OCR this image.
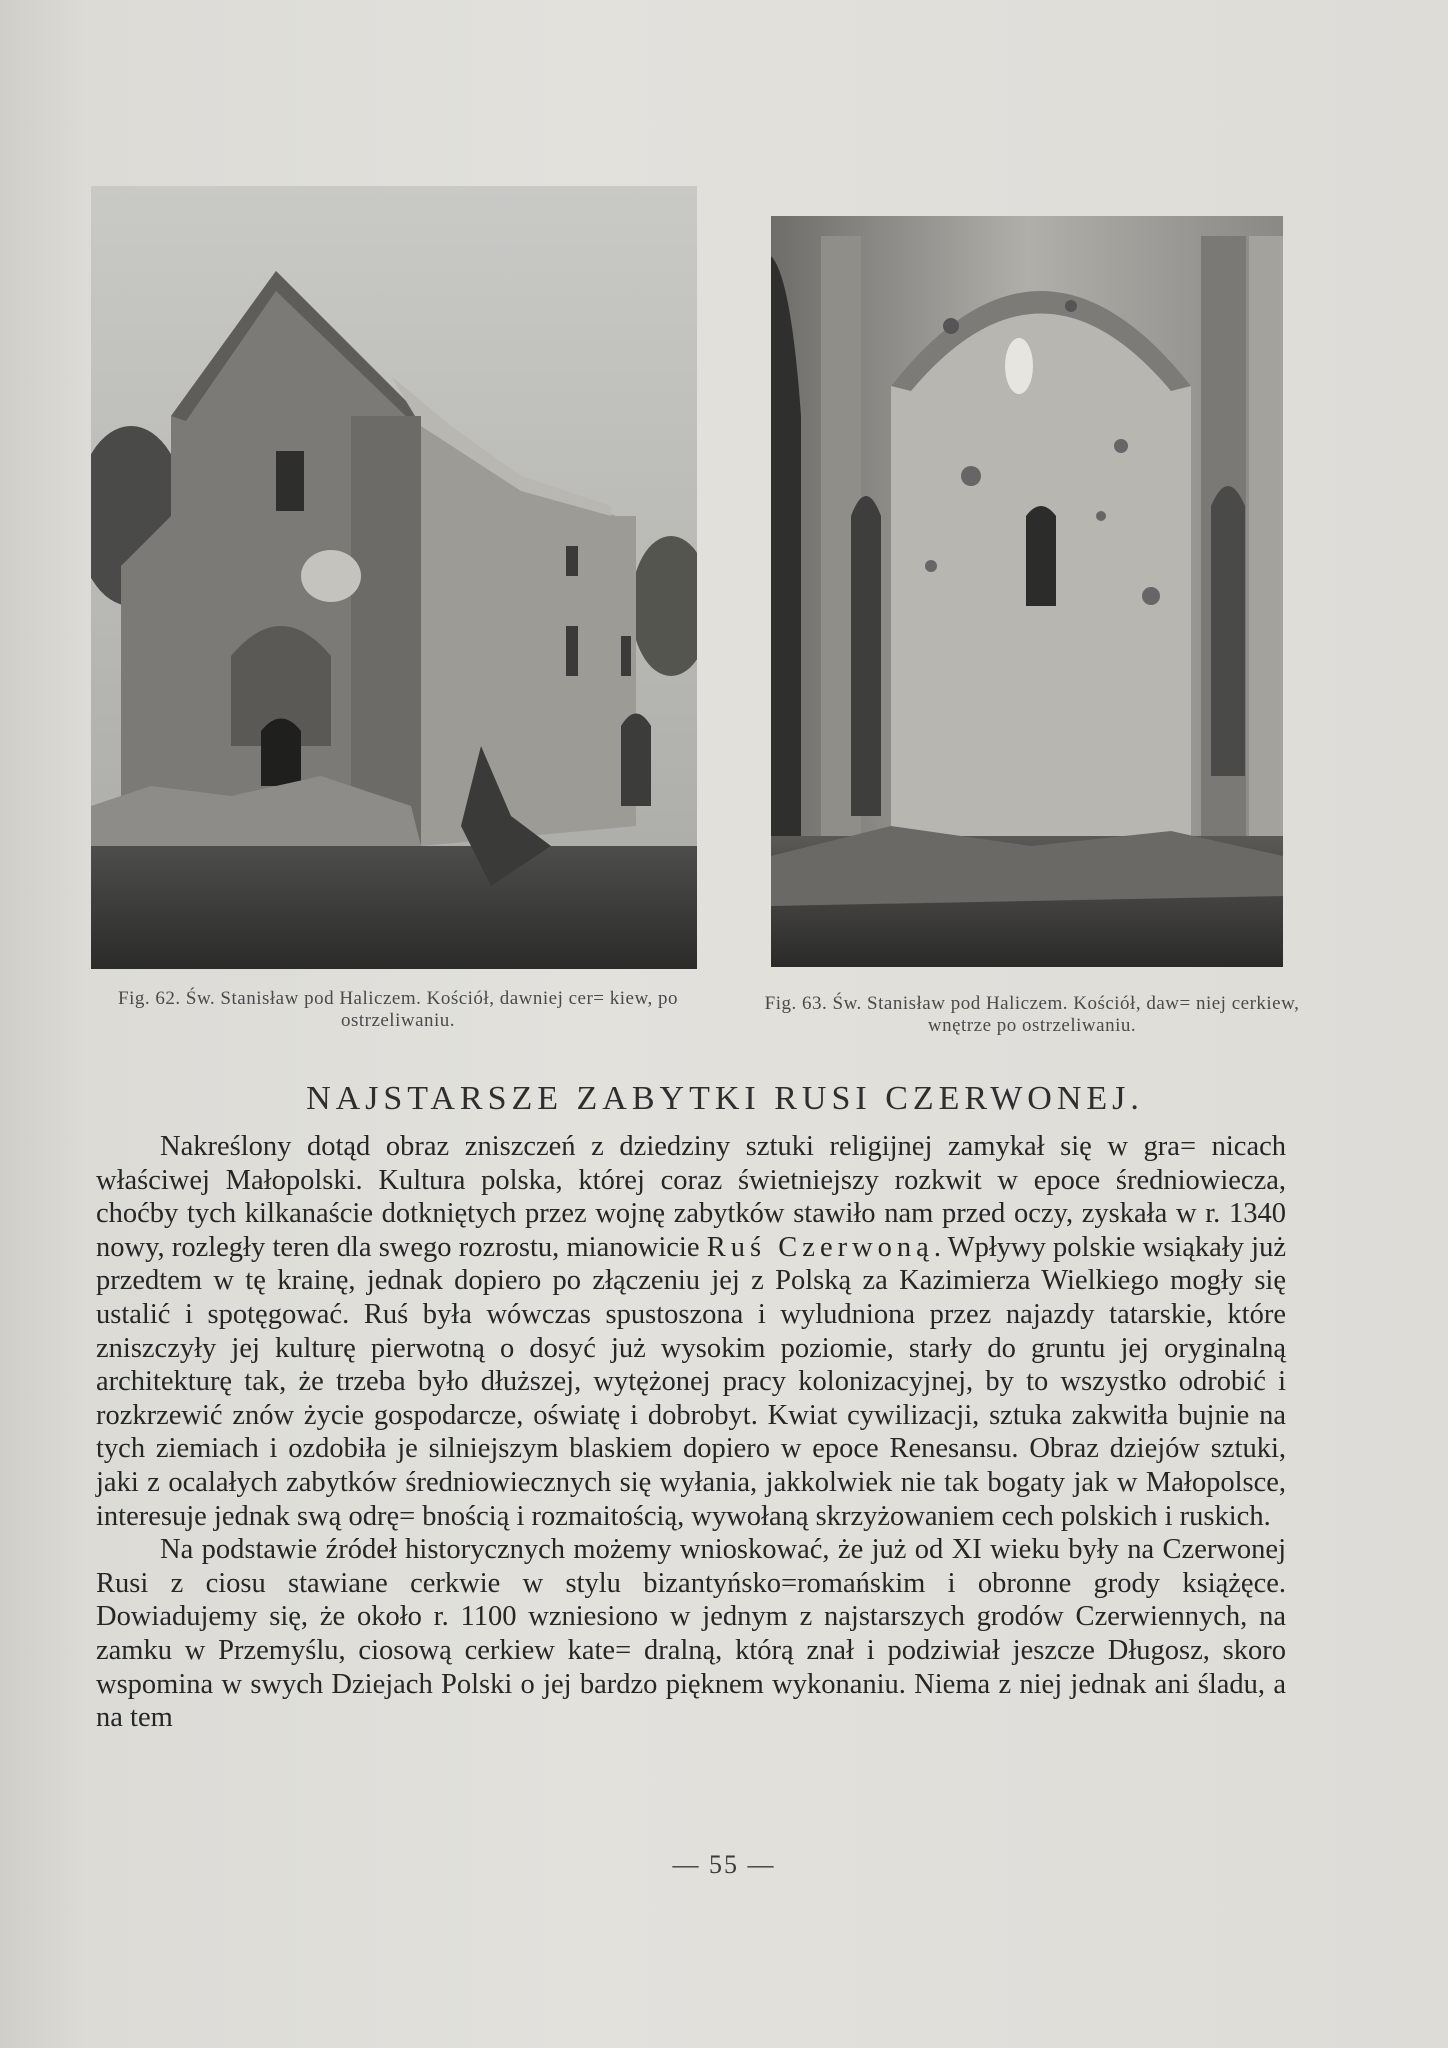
Fig. 62. Św. Stanisław pod Haliczem. Kościół, dawniej cer= kiew, po ostrzeliwaniu.
Fig. 63. Św. Stanisław pod Haliczem. Kościół, daw= niej cerkiew, wnętrze po ostrzeliwaniu.
NAJSTARSZE ZABYTKI RUSI CZERWONEJ.

Nakreślony dotąd obraz zniszczeń z dziedziny sztuki religijnej zamykał się w gra= nicach właściwej Małopolski. Kultura polska, której coraz świetniejszy rozkwit w epoce średniowiecza, choćby tych kilkanaście dotkniętych przez wojnę zabytków stawiło nam przed oczy, zyskała w r. 1340 nowy, rozległy teren dla swego rozrostu, mianowicie Ruś Czerwoną. Wpływy polskie wsiąkały już przedtem w tę krainę, jednak dopiero po złączeniu jej z Polską za Kazimierza Wielkiego mogły się ustalić i spotęgować. Ruś była wówczas spustoszona i wyludniona przez najazdy tatarskie, które zniszczyły jej kulturę pierwotną o dosyć już wysokim poziomie, starły do gruntu jej oryginalną architekturę tak, że trzeba było dłuższej, wytężonej pracy kolonizacyjnej, by to wszystko odrobić i rozkrzewić znów życie gospodarcze, oświatę i dobrobyt. Kwiat cywilizacji, sztuka zakwitła bujnie na tych ziemiach i ozdobiła je silniejszym blaskiem dopiero w epoce Renesansu. Obraz dziejów sztuki, jaki z ocalałych zabytków średniowiecznych się wyłania, jakkolwiek nie tak bogaty jak w Małopolsce, interesuje jednak swą odrę= bnością i rozmaitością, wywołaną skrzyżowaniem cech polskich i ruskich.

Na podstawie źródeł historycznych możemy wnioskować, że już od XI wieku były na Czerwonej Rusi z ciosu stawiane cerkwie w stylu bizantyńsko=romańskim i obronne grody książęce. Dowiadujemy się, że około r. 1100 wzniesiono w jednym z najstarszych grodów Czerwiennych, na zamku w Przemyślu, ciosową cerkiew kate= dralną, którą znał i podziwiał jeszcze Długosz, skoro wspomina w swych Dziejach Polski o jej bardzo pięknem wykonaniu. Niema z niej jednak ani śladu, a na tem

— 55 —
